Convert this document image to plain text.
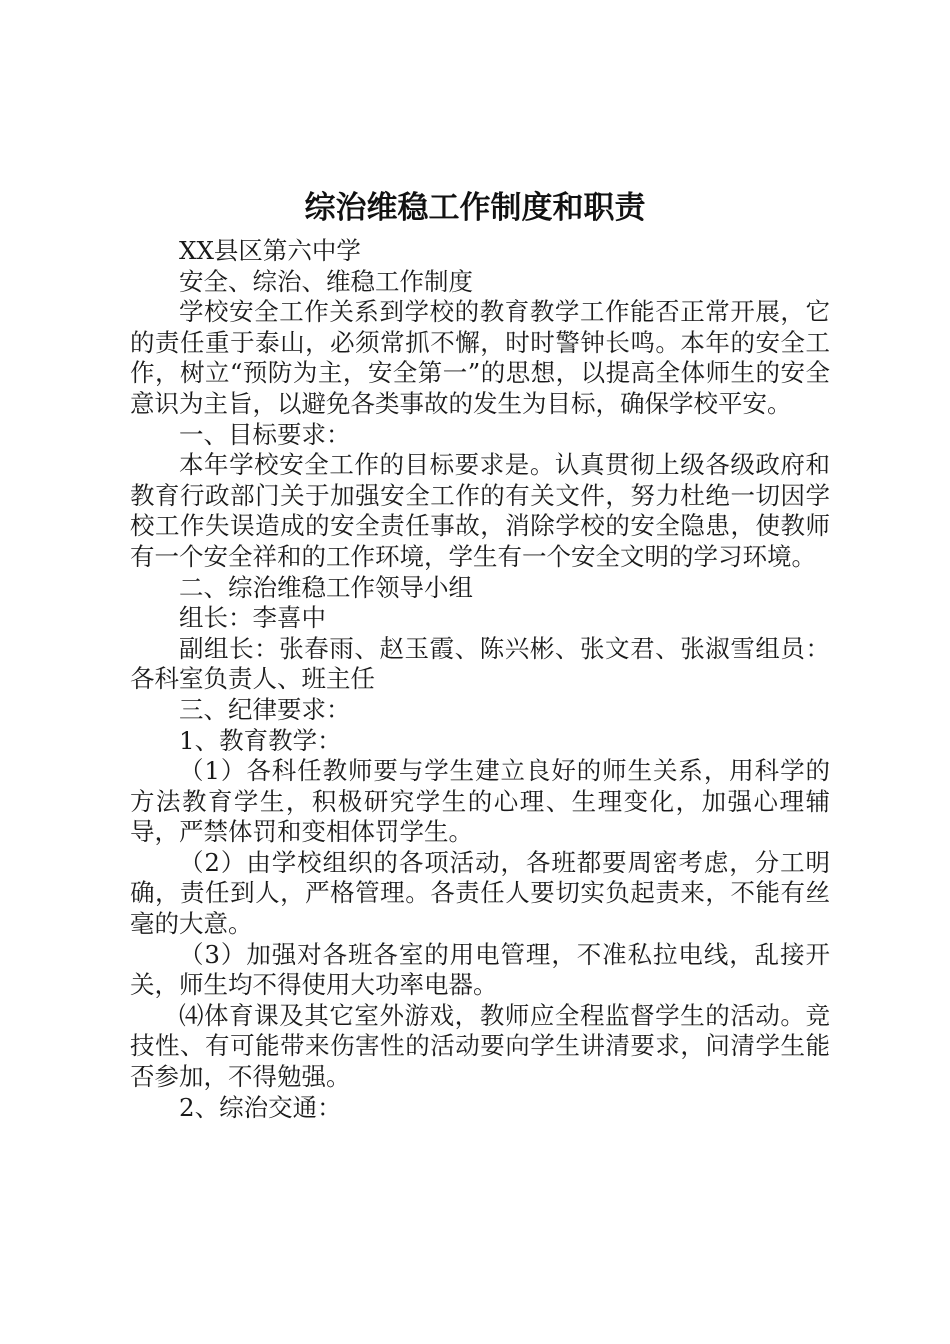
综治维稳工作制度和职责

XX县区第六中学

安全、综治、维稳工作制度

学校安全工作关系到学校的教育教学工作能否正常开展，它的责任重于泰山，必须常抓不懈，时时警钟长鸣。本年的安全工作，树立“预防为主，安全第一”的思想，以提高全体师生的安全意识为主旨，以避免各类事故的发生为目标，确保学校平安。

一、目标要求：

本年学校安全工作的目标要求是。认真贯彻上级各级政府和教育行政部门关于加强安全工作的有关文件，努力杜绝一切因学校工作失误造成的安全责任事故，消除学校的安全隐患，使教师有一个安全祥和的工作环境，学生有一个安全文明的学习环境。

二、综治维稳工作领导小组

组长：李喜中

副组长：张春雨、赵玉霞、陈兴彬、张文君、张淑雪组员：各科室负责人、班主任

三、纪律要求：

1、教育教学：

（1）各科任教师要与学生建立良好的师生关系，用科学的方法教育学生，积极研究学生的心理、生理变化，加强心理辅导，严禁体罚和变相体罚学生。

（2）由学校组织的各项活动，各班都要周密考虑，分工明确，责任到人，严格管理。各责任人要切实负起责来，不能有丝毫的大意。

（3）加强对各班各室的用电管理，不准私拉电线，乱接开关，师生均不得使用大功率电器。

⑷体育课及其它室外游戏，教师应全程监督学生的活动。竞技性、有可能带来伤害性的活动要向学生讲清要求，问清学生能否参加，不得勉强。

2、综治交通：
